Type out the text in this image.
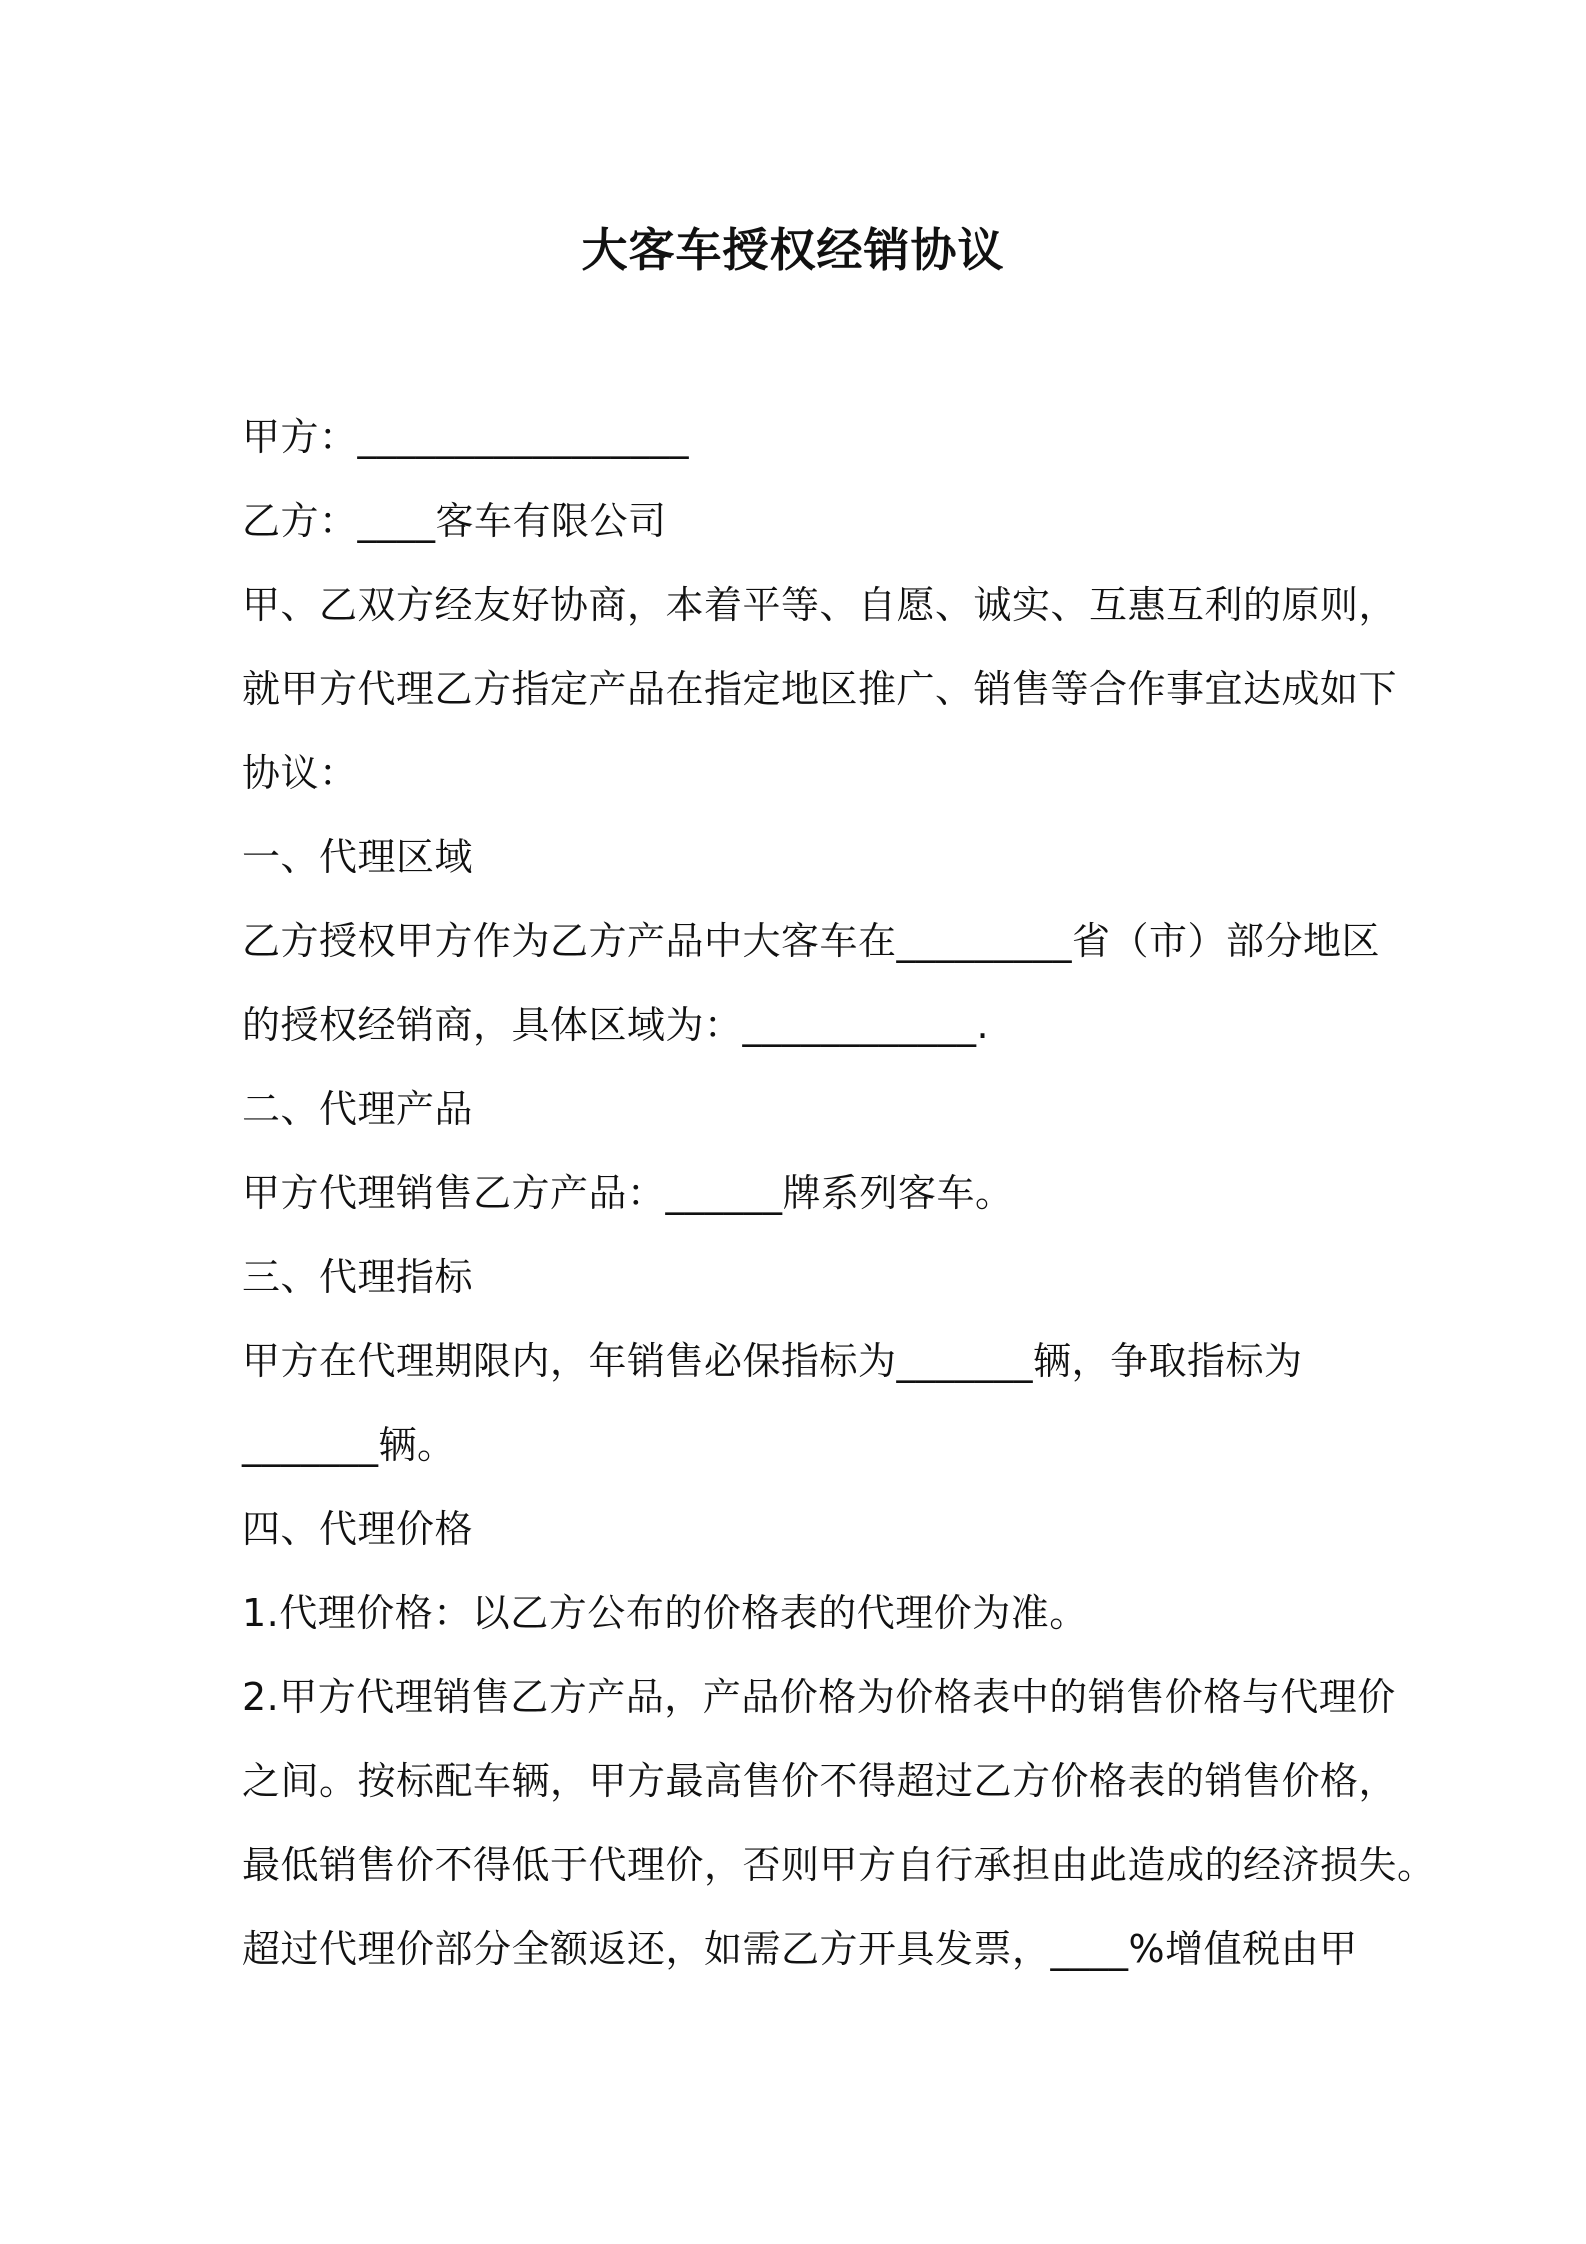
大客车授权经销协议
甲方：_________________
乙方：____客车有限公司
甲、乙双方经友好协商，本着平等、自愿、诚实、互惠互利的原则，
就甲方代理乙方指定产品在指定地区推广、销售等合作事宜达成如下
协议：
一、代理区域
乙方授权甲方作为乙方产品中大客车在_________省（市）部分地区
的授权经销商，具体区域为：____________.
二、代理产品
甲方代理销售乙方产品：______牌系列客车。
三、代理指标
甲方在代理期限内，年销售必保指标为_______辆，争取指标为
_______辆。
四、代理价格
1.代理价格：以乙方公布的价格表的代理价为准。
2.甲方代理销售乙方产品，产品价格为价格表中的销售价格与代理价
之间。按标配车辆，甲方最高售价不得超过乙方价格表的销售价格，
最低销售价不得低于代理价，否则甲方自行承担由此造成的经济损失。
超过代理价部分全额返还，如需乙方开具发票，____%增值税由甲
